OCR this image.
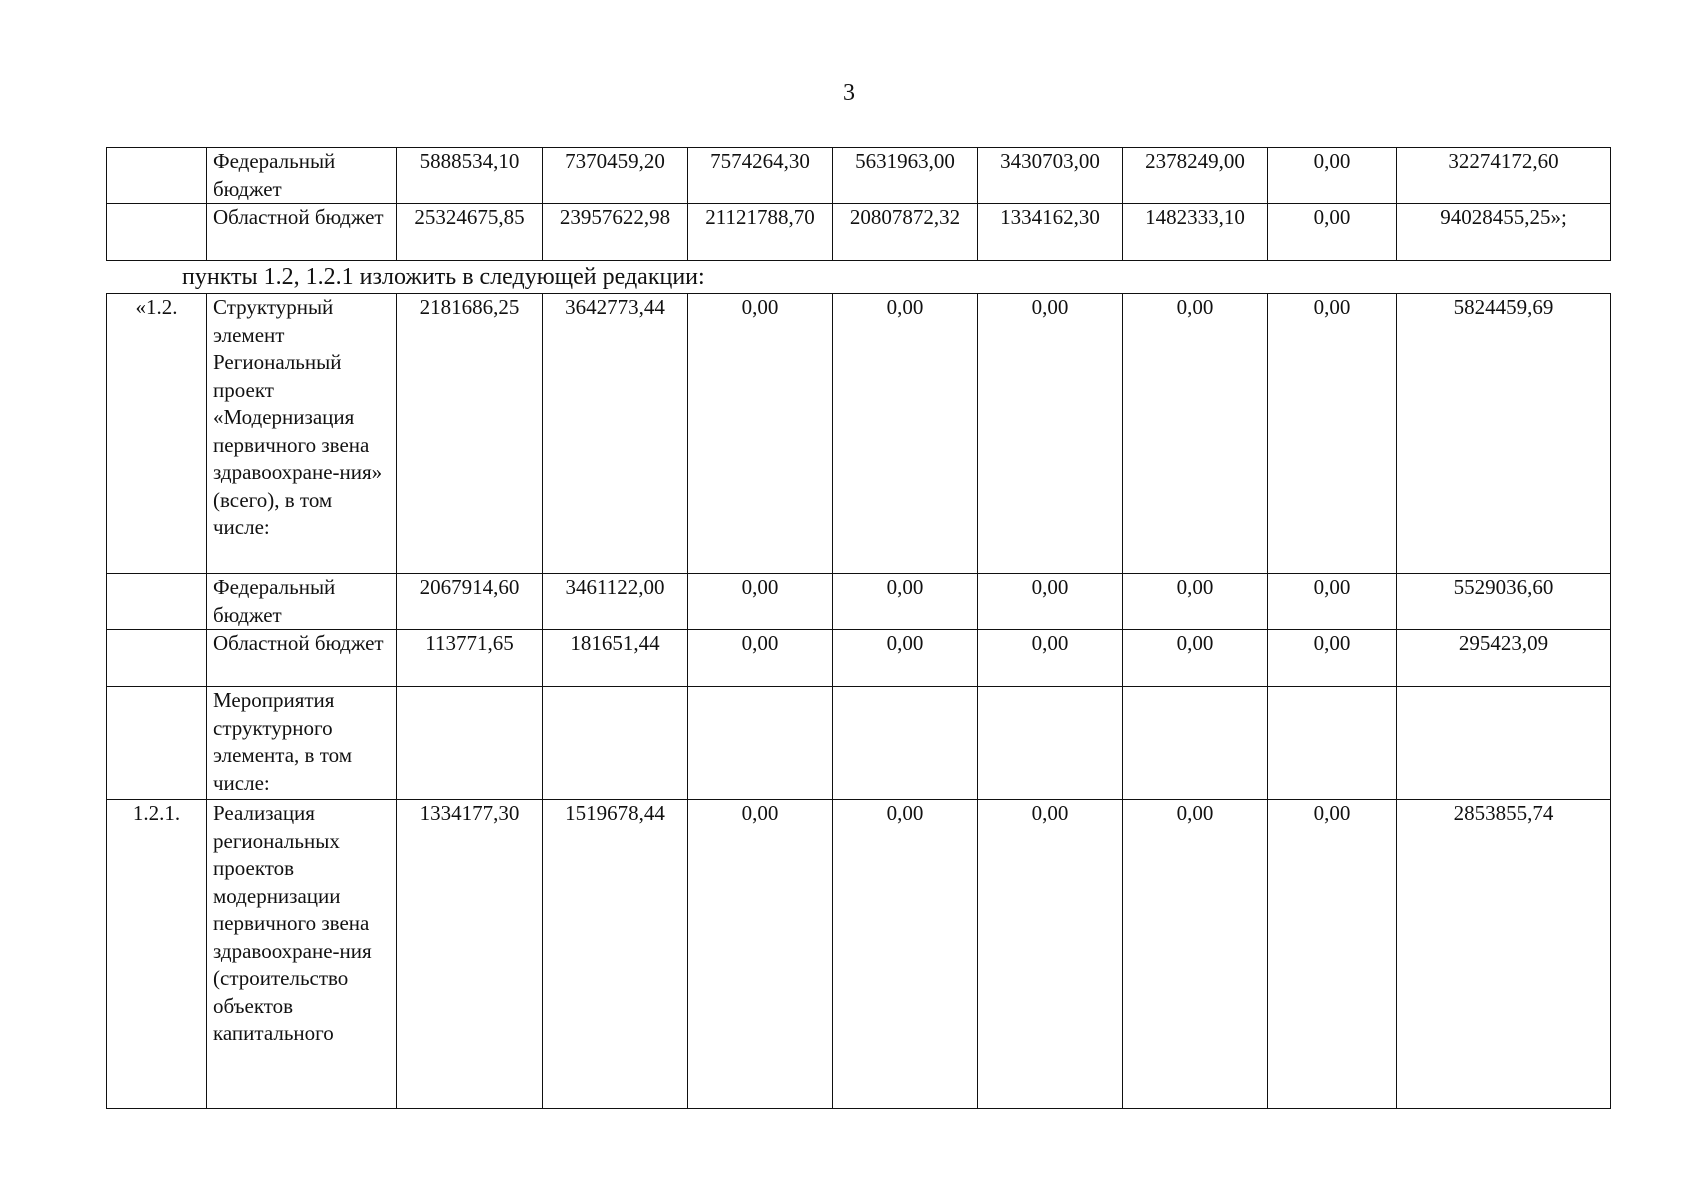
3
	Федеральный бюджет	5888534,10	7370459,20	7574264,30	5631963,00	3430703,00	2378249,00	0,00	32274172,60
	Областной бюджет	25324675,85	23957622,98	21121788,70	20807872,32	1334162,30	1482333,10	0,00	94028455,25»;
пункты 1.2, 1.2.1 изложить в следующей редакции:
«1.2.	Структурный элемент Региональный проект «Модернизация первичного звена здравоохране-ния» (всего), в том числе:	2181686,25	3642773,44	0,00	0,00	0,00	0,00	0,00	5824459,69
	Федеральный бюджет	2067914,60	3461122,00	0,00	0,00	0,00	0,00	0,00	5529036,60
	Областной бюджет	113771,65	181651,44	0,00	0,00	0,00	0,00	0,00	295423,09
	Мероприятия структурного элемента, в том числе:								
1.2.1.	Реализация региональных проектов модернизации первичного звена здравоохране-ния (строительство объектов капитального	1334177,30	1519678,44	0,00	0,00	0,00	0,00	0,00	2853855,74
